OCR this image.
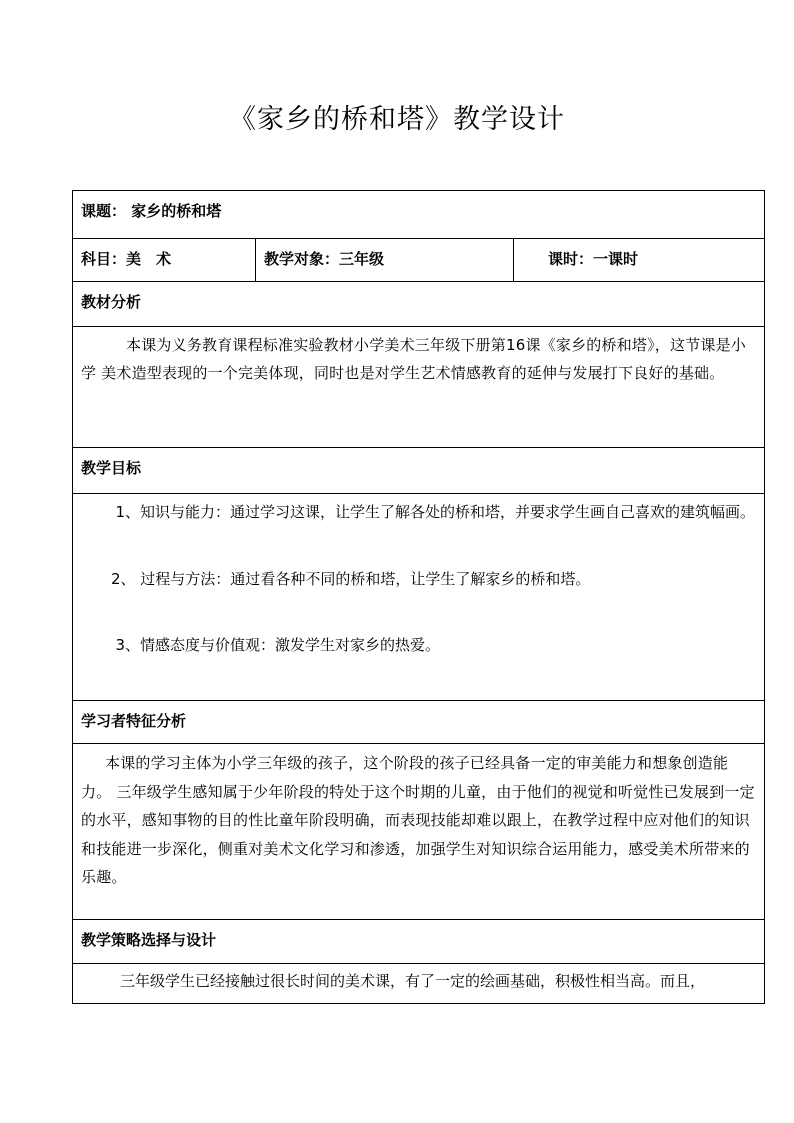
《家乡的桥和塔》教学设计
课题： 家乡的桥和塔
科目：美　术	教学对象：三年级	课时：一课时
教材分析

本课为义务教育课程标准实验教材小学美术三年级下册第16课《家乡的桥和塔》，这节课是小学 美术造型表现的一个完美体现，同时也是对学生艺术情感教育的延伸与发展打下良好的基础。

教学目标

1、知识与能力：通过学习这课，让学生了解各处的桥和塔，并要求学生画自己喜欢的建筑幅画。

2、 过程与方法：通过看各种不同的桥和塔，让学生了解家乡的桥和塔。

3、情感态度与价值观：激发学生对家乡的热爱。

学习者特征分析

本课的学习主体为小学三年级的孩子，这个阶段的孩子已经具备一定的审美能力和想象创造能力。 三年级学生感知属于少年阶段的特处于这个时期的儿童，由于他们的视觉和听觉性已发展到一定的水平，感知事物的目的性比童年阶段明确，而表现技能却难以跟上，在教学过程中应对他们的知识和技能进一步深化，侧重对美术文化学习和渗透，加强学生对知识综合运用能力，感受美术所带来的乐趣。

教学策略选择与设计

三年级学生已经接触过很长时间的美术课，有了一定的绘画基础，积极性相当高。而且，
